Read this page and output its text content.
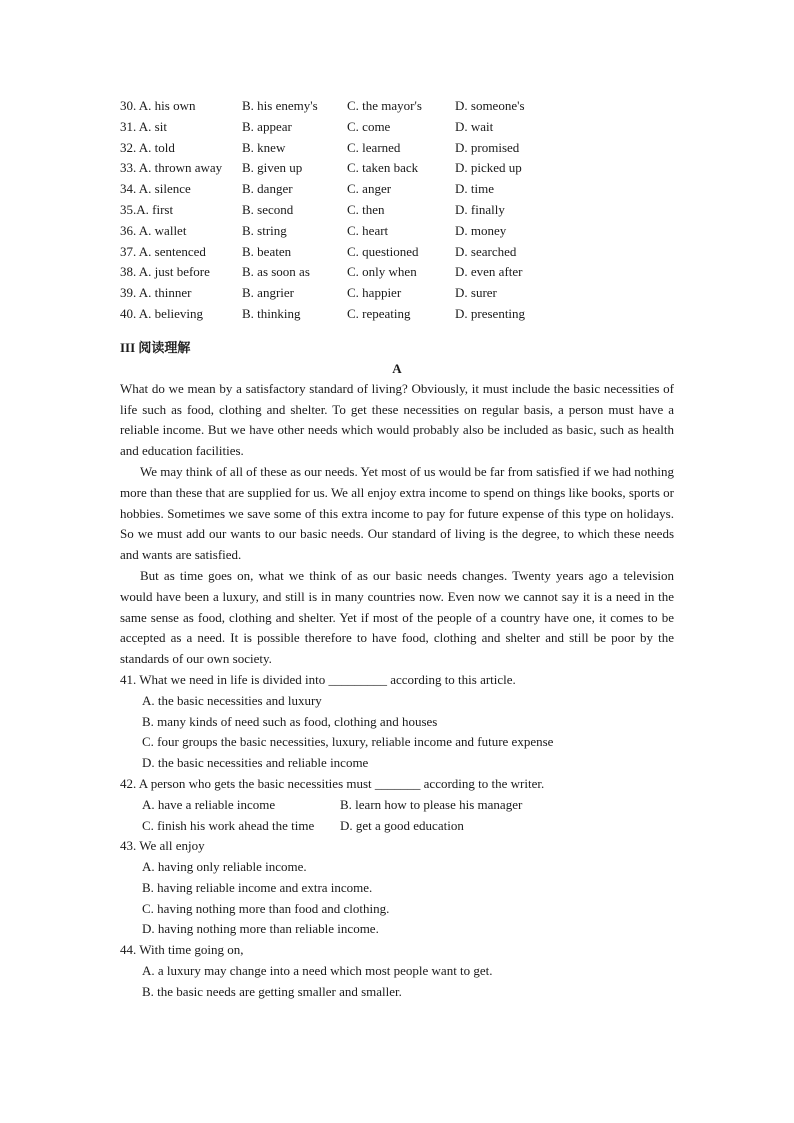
30. A. his own	B. his enemy's C. the mayor's	D. someone's
31. A. sit	B. appear	C. come	D. wait
32. A. told	B. knew	C. learned	D. promised
33. A. thrown away B. given up	C. taken back	D. picked up
34. A. silence	B. danger	C. anger	D. time
35.A. first	B. second	C. then	D. finally
36. A. wallet	B. string	C. heart	D. money
37. A. sentenced	B. beaten	C. questioned	D. searched
38. A. just before B. as soon as	C. only when	D. even after
39. A. thinner	B. angrier	C. happier	D. surer
40. A. believing	B. thinking	C. repeating	D. presenting
III 阅读理解
A

What do we mean by a satisfactory standard of living? Obviously, it must include the basic necessities of life such as food, clothing and shelter. To get these necessities on regular basis, a person must have a reliable income. But we have other needs which would probably also be included as basic, such as health and education facilities.

We may think of all of these as our needs. Yet most of us would be far from satisfied if we had nothing more than these that are supplied for us. We all enjoy extra income to spend on things like books, sports or hobbies. Sometimes we save some of this extra income to pay for future expense of this type on holidays. So we must add our wants to our basic needs. Our standard of living is the degree, to which these needs and wants are satisfied.

But as time goes on, what we think of as our basic needs changes. Twenty years ago a television would have been a luxury, and still is in many countries now. Even now we cannot say it is a need in the same sense as food, clothing and shelter. Yet if most of the people of a country have one, it comes to be accepted as a need. It is possible therefore to have food, clothing and shelter and still be poor by the standards of our own society.

41. What we need in life is divided into _________ according to this article.
A. the basic necessities and luxury
B. many kinds of need such as food, clothing and houses
C. four groups the basic necessities, luxury, reliable income and future expense
D. the basic necessities and reliable income
42. A person who gets the basic necessities must _______ according to the writer.
A. have a reliable income	B. learn how to please his manager
C. finish his work ahead the time D. get a good education
43. We all enjoy
A. having only reliable income.
B. having reliable income and extra income.
C. having nothing more than food and clothing.
D. having nothing more than reliable income.
44. With time going on,
A. a luxury may change into a need which most people want to get.
B. the basic needs are getting smaller and smaller.
